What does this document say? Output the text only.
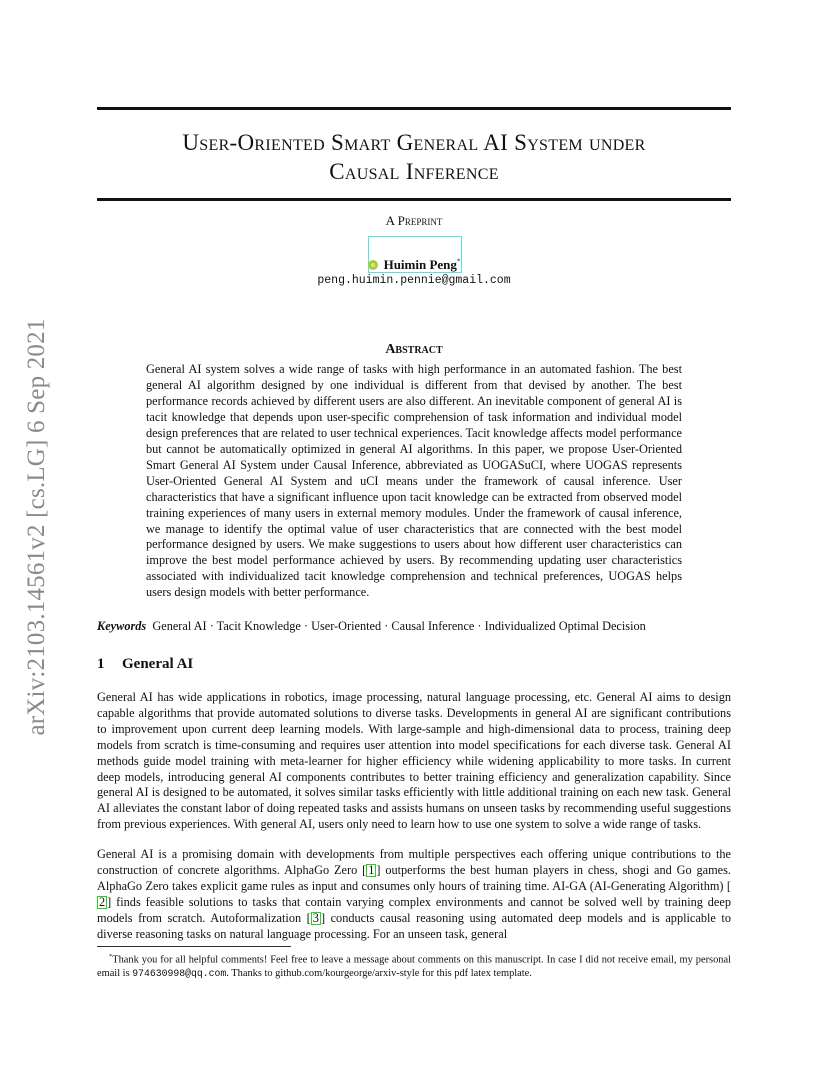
arXiv:2103.14561v2 [cs.LG] 6 Sep 2021
User-Oriented Smart General AI System under
Causal Inference
A Preprint
Huimin Peng*
peng.huimin.pennie@gmail.com
Abstract
General AI system solves a wide range of tasks with high performance in an automated fashion. The best general AI algorithm designed by one individual is different from that devised by another. The best performance records achieved by different users are also different. An inevitable component of general AI is tacit knowledge that depends upon user-specific comprehension of task information and individual model design preferences that are related to user technical experiences. Tacit knowledge affects model performance but cannot be automatically optimized in general AI algorithms. In this paper, we propose User-Oriented Smart General AI System under Causal Inference, abbreviated as UOGASuCI, where UOGAS represents User-Oriented General AI System and uCI means under the framework of causal inference. User characteristics that have a significant influence upon tacit knowledge can be extracted from observed model training experiences of many users in external memory modules. Under the framework of causal inference, we manage to identify the optimal value of user characteristics that are connected with the best model performance designed by users. We make suggestions to users about how different user characteristics can improve the best model performance achieved by users. By recommending updating user characteristics associated with individualized tacit knowledge comprehension and technical preferences, UOGAS helps users design models with better performance.
Keywords General AI · Tacit Knowledge · User-Oriented · Causal Inference · Individualized Optimal Decision
1 General AI
General AI has wide applications in robotics, image processing, natural language processing, etc. General AI aims to design capable algorithms that provide automated solutions to diverse tasks. Developments in general AI are significant contributions to improvement upon current deep learning models. With large-sample and high-dimensional data to process, training deep models from scratch is time-consuming and requires user attention into model specifications for each diverse task. General AI methods guide model training with meta-learner for higher efficiency while widening applicability to more tasks. In current deep models, introducing general AI components contributes to better training efficiency and generalization capability. Since general AI is designed to be automated, it solves similar tasks efficiently with little additional training on each new task. General AI alleviates the constant labor of doing repeated tasks and assists humans on unseen tasks by recommending useful suggestions from previous experiences. With general AI, users only need to learn how to use one system to solve a wide range of tasks.
General AI is a promising domain with developments from multiple perspectives each offering unique contributions to the construction of concrete algorithms. AlphaGo Zero [ 1 ] outperforms the best human players in chess, shogi and Go games. AlphaGo Zero takes explicit game rules as input and consumes only hours of training time. AI-GA (AI-Generating Algorithm) [2 ] finds feasible solutions to tasks that contain varying complex environments and cannot be solved well by training deep models from scratch. Autoformalization [ 3 ] conducts causal reasoning using automated deep models and is applicable to diverse reasoning tasks on natural language processing. For an unseen task, general
*Thank you for all helpful comments! Feel free to leave a message about comments on this manuscript. In case I did not receive email, my personal email is 974630998@qq.com. Thanks to github.com/kourgeorge/arxiv-style for this pdf latex template.
